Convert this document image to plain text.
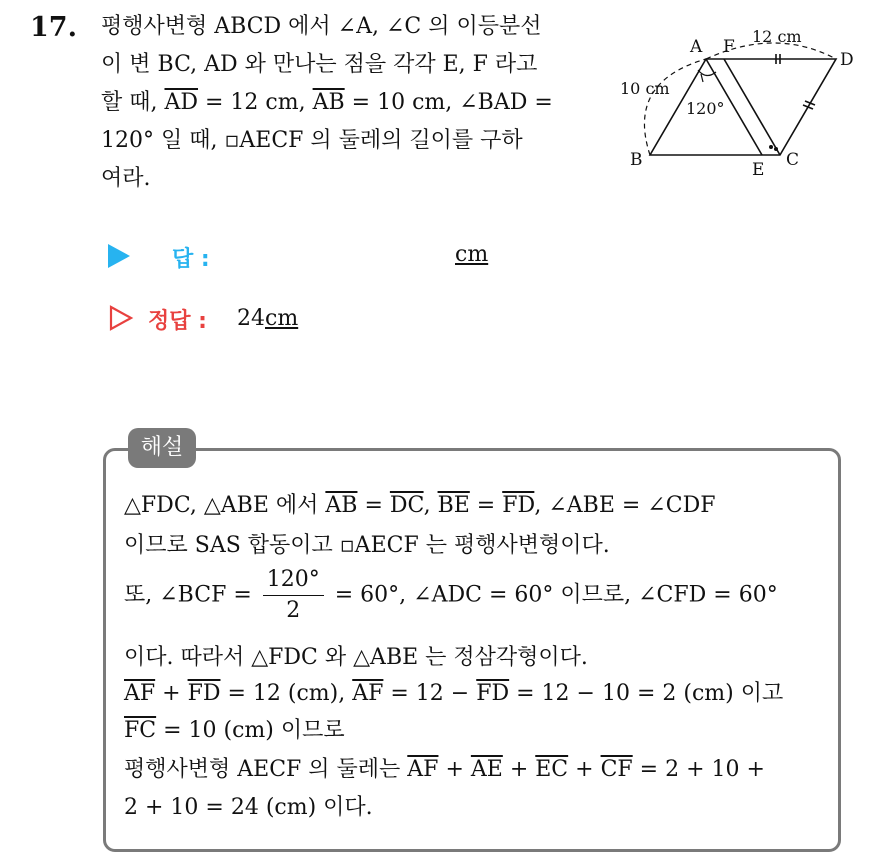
17. 평행사변형 ABCD 에서 ∠A, ∠C 의 이등분선
이 변 BC, AD 와 만나는 점을 각각 E, F 라고
할 때, $\overline{AD} = 12$ cm, $\overline{AB} = 10$ cm, ∠BAD =
120° 일 때, ▫AECF 의 둘레의 길이를 구하
여라.
A F
D
B	E C
12 cm
10 cm
120°
답 :	cm
정답 : 24cm
해설
△FDC, △ABE 에서 $\overline{AB} = \overline{DC}$, $\overline{BE} = \overline{FD}$, ∠ABE = ∠CDF
이므로 SAS 합동이고 ▫AECF 는 평행사변형이다.
또, ∠BCF = $\frac{120^\circ}{2} = 60^\circ$, ∠ADC = 60° 이므로, ∠CFD = 60°
이다. 따라서 △FDC 와 △ABE 는 정삼각형이다.
$\overline{AF} + \overline{FD} = 12$ (cm), $\overline{AF} = 12 - \overline{FD} = 12 - 10 = 2$ (cm) 이고
$\overline{FC} = 10$ (cm) 이므로
평행사변형 AECF 의 둘레는 $\overline{AF} + \overline{AE} + \overline{EC} + \overline{CF} = 2 + 10$ +
2 + 10 = 24 (cm) 이다.
